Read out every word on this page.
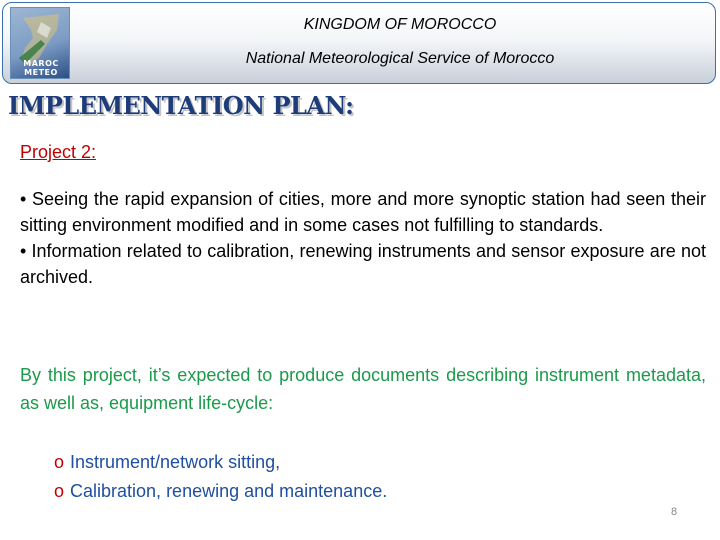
MAROC METEO
KINGDOM OF MOROCCO
National Meteorological Service of Morocco
IMPLEMENTATION PLAN:
Project 2:

• Seeing the rapid expansion of cities, more and more synoptic station had seen their sitting environment modified and in some cases not fulfilling to standards.

• Information related to calibration, renewing instruments and sensor exposure are not archived.

By this project, it’s expected to produce documents describing instrument metadata, as well as, equipment life-cycle:
o Instrument/network sitting,
o Calibration, renewing and maintenance.
8
